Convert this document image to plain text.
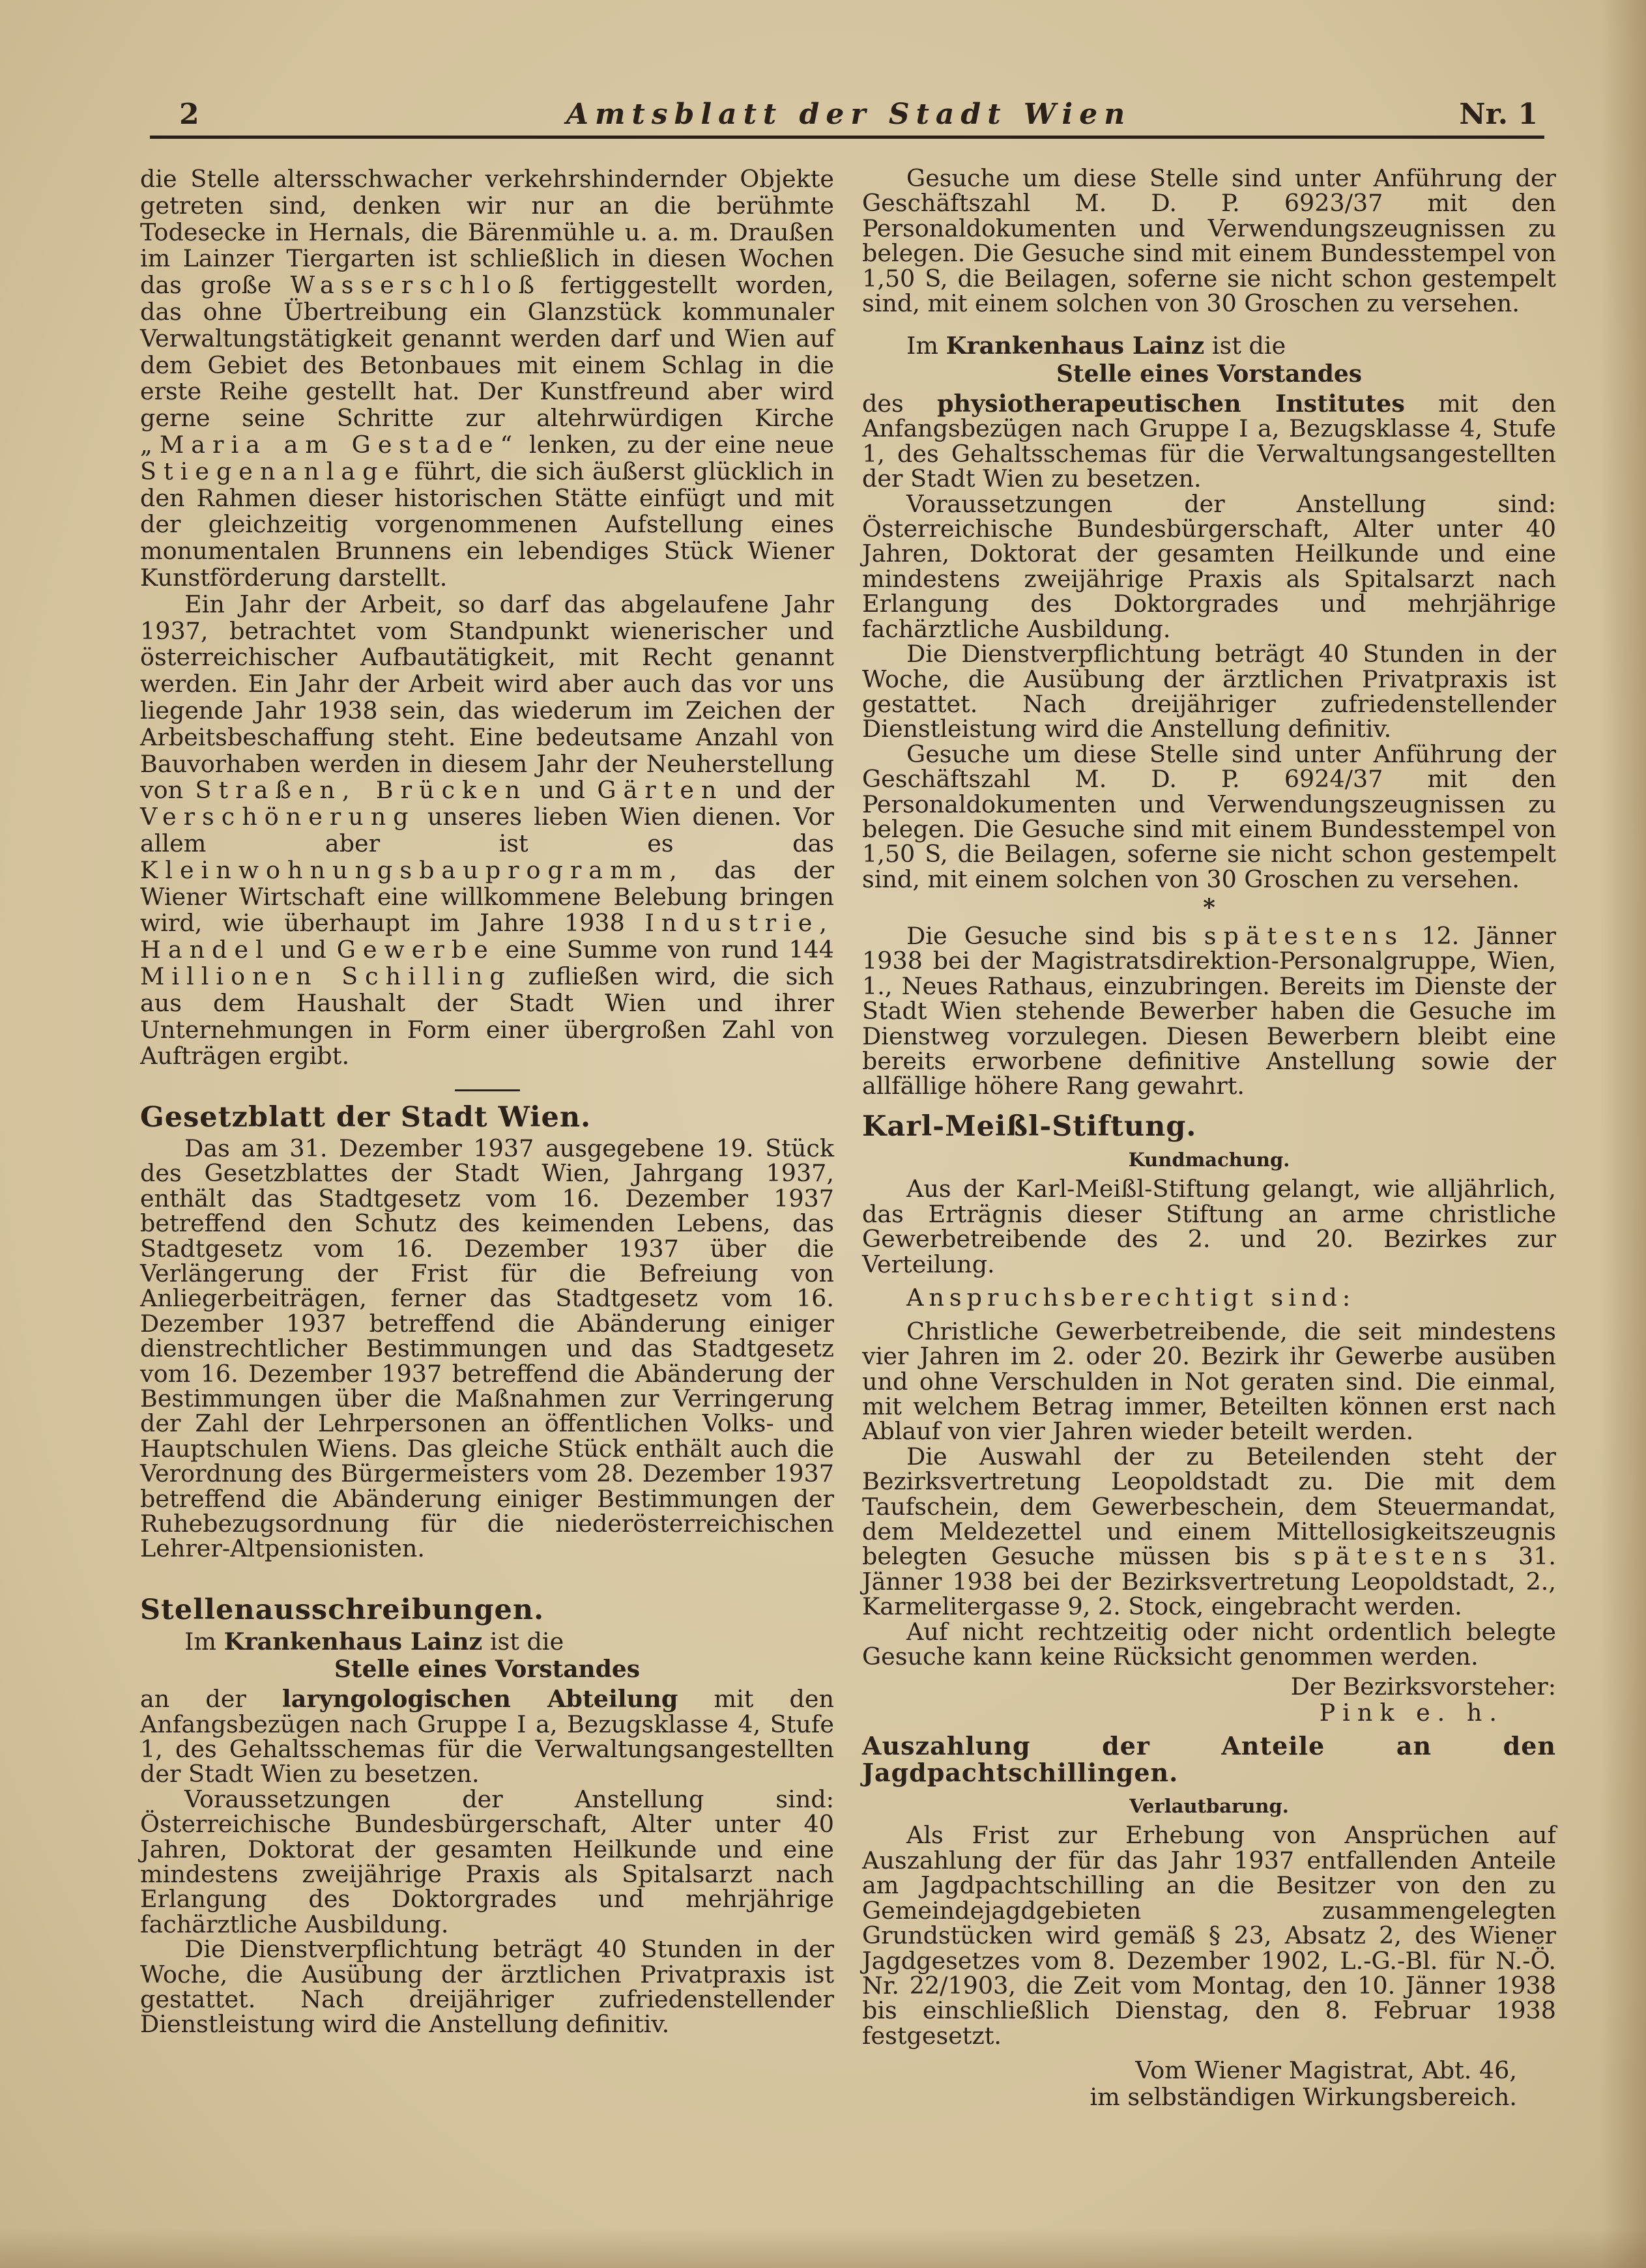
2	Amtsblatt der Stadt Wien	Nr. 1

die Stelle altersschwacher verkehrshindernder Objekte getreten sind, denken wir nur an die berühmte Todesecke in Hernals, die Bärenmühle u. a. m. Draußen im Lainzer Tiergarten ist schließlich in diesen Wochen das große Wasserschloß fertiggestellt worden, das ohne Übertreibung ein Glanzstück kommunaler Verwaltungstätigkeit genannt werden darf und Wien auf dem Gebiet des Betonbaues mit einem Schlag in die erste Reihe gestellt hat. Der Kunstfreund aber wird gerne seine Schritte zur altehrwürdigen Kirche „Maria am Gestade“ lenken, zu der eine neue Stiegenanlage führt, die sich äußerst glücklich in den Rahmen dieser historischen Stätte einfügt und mit der gleichzeitig vorgenommenen Aufstellung eines monumentalen Brunnens ein lebendiges Stück Wiener Kunstförderung darstellt.

Ein Jahr der Arbeit, so darf das abgelaufene Jahr 1937, betrachtet vom Standpunkt wienerischer und österreichischer Aufbautätigkeit, mit Recht genannt werden. Ein Jahr der Arbeit wird aber auch das vor uns liegende Jahr 1938 sein, das wiederum im Zeichen der Arbeitsbeschaffung steht. Eine bedeutsame Anzahl von Bauvorhaben werden in diesem Jahr der Neuherstellung von Straßen, Brücken und Gärten und der Verschönerung unseres lieben Wien dienen. Vor allem aber ist es das Kleinwohnungsbauprogramm, das der Wiener Wirtschaft eine willkommene Belebung bringen wird, wie überhaupt im Jahre 1938 Industrie, Handel und Gewerbe eine Summe von rund 144 Millionen Schilling zufließen wird, die sich aus dem Haushalt der Stadt Wien und ihrer Unternehmungen in Form einer übergroßen Zahl von Aufträgen ergibt.

Gesetzblatt der Stadt Wien.

Das am 31. Dezember 1937 ausgegebene 19. Stück des Gesetzblattes der Stadt Wien, Jahrgang 1937, enthält das Stadtgesetz vom 16. Dezember 1937 betreffend den Schutz des keimenden Lebens, das Stadtgesetz vom 16. Dezember 1937 über die Verlängerung der Frist für die Befreiung von Anliegerbeiträgen, ferner das Stadtgesetz vom 16. Dezember 1937 betreffend die Abänderung einiger dienstrechtlicher Bestimmungen und das Stadtgesetz vom 16. Dezember 1937 betreffend die Abänderung der Bestimmungen über die Maßnahmen zur Verringerung der Zahl der Lehrpersonen an öffentlichen Volks- und Hauptschulen Wiens. Das gleiche Stück enthält auch die Verordnung des Bürgermeisters vom 28. Dezember 1937 betreffend die Abänderung einiger Bestimmungen der Ruhebezugsordnung für die niederösterreichischen Lehrer-Altpensionisten.

Stellenausschreibungen.

Im Krankenhaus Lainz ist die

Stelle eines Vorstandes

an der laryngologischen Abteilung mit den Anfangsbezügen nach Gruppe I a, Bezugsklasse 4, Stufe 1, des Gehaltsschemas für die Verwaltungsangestellten der Stadt Wien zu besetzen.

Voraussetzungen der Anstellung sind: Österreichische Bundesbürgerschaft, Alter unter 40 Jahren, Doktorat der gesamten Heilkunde und eine mindestens zweijährige Praxis als Spitalsarzt nach Erlangung des Doktorgrades und mehrjährige fachärztliche Ausbildung.

Die Dienstverpflichtung beträgt 40 Stunden in der Woche, die Ausübung der ärztlichen Privatpraxis ist gestattet. Nach dreijähriger zufriedenstellender Dienstleistung wird die Anstellung definitiv.

Gesuche um diese Stelle sind unter Anführung der Geschäftszahl M. D. P. 6923/37 mit den Personaldokumenten und Verwendungszeugnissen zu belegen. Die Gesuche sind mit einem Bundesstempel von 1,50 S, die Beilagen, soferne sie nicht schon gestempelt sind, mit einem solchen von 30 Groschen zu versehen.

Im Krankenhaus Lainz ist die

Stelle eines Vorstandes

des physiotherapeutischen Institutes mit den Anfangsbezügen nach Gruppe I a, Bezugsklasse 4, Stufe 1, des Gehaltsschemas für die Verwaltungsangestellten der Stadt Wien zu besetzen.

Voraussetzungen der Anstellung sind: Österreichische Bundesbürgerschaft, Alter unter 40 Jahren, Doktorat der gesamten Heilkunde und eine mindestens zweijährige Praxis als Spitalsarzt nach Erlangung des Doktorgrades und mehrjährige fachärztliche Ausbildung.

Die Dienstverpflichtung beträgt 40 Stunden in der Woche, die Ausübung der ärztlichen Privatpraxis ist gestattet. Nach dreijähriger zufriedenstellender Dienstleistung wird die Anstellung definitiv.

Gesuche um diese Stelle sind unter Anführung der Geschäftszahl M. D. P. 6924/37 mit den Personaldokumenten und Verwendungszeugnissen zu belegen. Die Gesuche sind mit einem Bundesstempel von 1,50 S, die Beilagen, soferne sie nicht schon gestempelt sind, mit einem solchen von 30 Groschen zu versehen.

*

Die Gesuche sind bis spätestens 12. Jänner 1938 bei der Magistratsdirektion-Personalgruppe, Wien, 1., Neues Rathaus, einzubringen. Bereits im Dienste der Stadt Wien stehende Bewerber haben die Gesuche im Dienstweg vorzulegen. Diesen Bewerbern bleibt eine bereits erworbene definitive Anstellung sowie der allfällige höhere Rang gewahrt.

Karl-Meißl-Stiftung.
Kundmachung.

Aus der Karl-Meißl-Stiftung gelangt, wie alljährlich, das Erträgnis dieser Stiftung an arme christliche Gewerbetreibende des 2. und 20. Bezirkes zur Verteilung.

Anspruchsberechtigt sind:

Christliche Gewerbetreibende, die seit mindestens vier Jahren im 2. oder 20. Bezirk ihr Gewerbe ausüben und ohne Verschulden in Not geraten sind. Die einmal, mit welchem Betrag immer, Beteilten können erst nach Ablauf von vier Jahren wieder beteilt werden.

Die Auswahl der zu Beteilenden steht der Bezirksvertretung Leopoldstadt zu. Die mit dem Taufschein, dem Gewerbeschein, dem Steuermandat, dem Meldezettel und einem Mittellosigkeitszeugnis belegten Gesuche müssen bis spätestens 31. Jänner 1938 bei der Bezirksvertretung Leopoldstadt, 2., Karmelitergasse 9, 2. Stock, eingebracht werden.

Auf nicht rechtzeitig oder nicht ordentlich belegte Gesuche kann keine Rücksicht genommen werden.

Der Bezirksvorsteher:

Pink e. h.

Auszahlung der Anteile an den Jagdpachtschillingen.
Verlautbarung.

Als Frist zur Erhebung von Ansprüchen auf Auszahlung der für das Jahr 1937 entfallenden Anteile am Jagdpachtschilling an die Besitzer von den zu Gemeindejagdgebieten zusammengelegten Grundstücken wird gemäß § 23, Absatz 2, des Wiener Jagdgesetzes vom 8. Dezember 1902, L.-G.-Bl. für N.-Ö. Nr. 22/1903, die Zeit vom Montag, den 10. Jänner 1938 bis einschließlich Dienstag, den 8. Februar 1938 festgesetzt.

Vom Wiener Magistrat, Abt. 46,

im selbständigen Wirkungsbereich.
